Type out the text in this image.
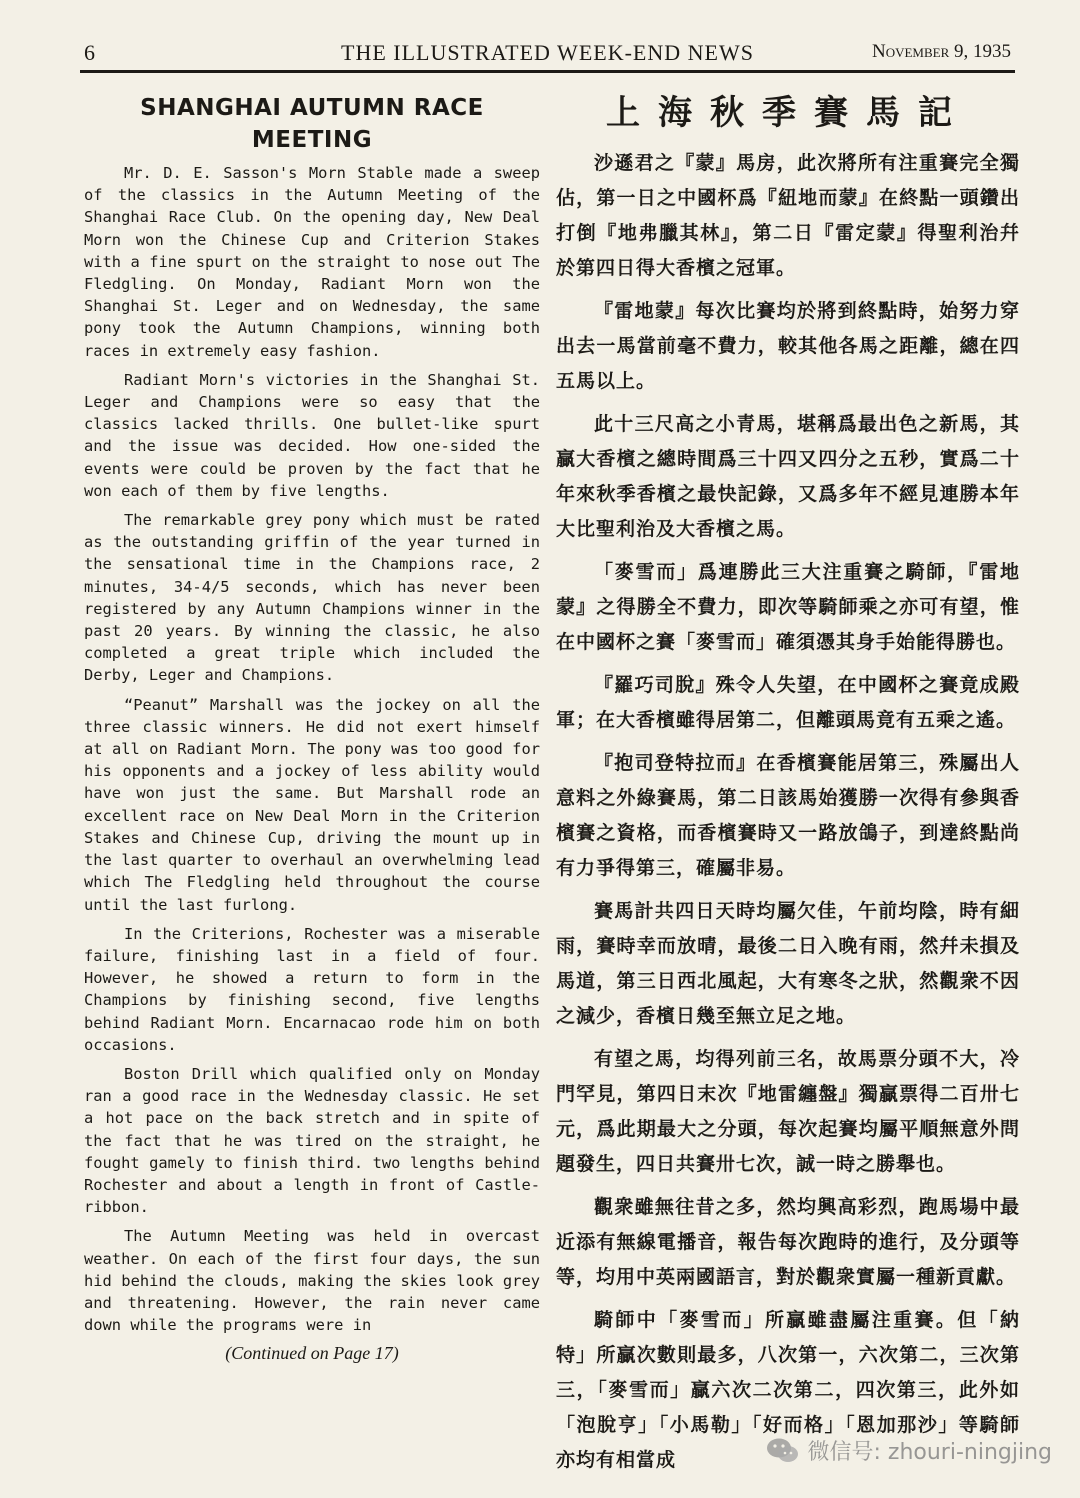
6	THE ILLUSTRATED WEEK-END NEWS	November 9, 1935
SHANGHAI AUTUMN RACE
MEETING

Mr. D. E. Sasson's Morn Stable made a sweep of the classics in the Autumn Meeting of the Shanghai Race Club. On the opening day, New Deal Morn won the Chinese Cup and Criterion Stakes with a fine spurt on the straight to nose out The Fledgling. On Monday, Radiant Morn won the Shanghai St. Leger and on Wednesday, the same pony took the Autumn Champions, winning both races in extremely easy fashion.

Radiant Morn's victories in the Shanghai St. Leger and Champions were so easy that the classics lacked thrills. One bullet-like spurt and the issue was decided. How one-sided the events were could be proven by the fact that he won each of them by five lengths.

The remarkable grey pony which must be rated as the outstanding griffin of the year turned in the sensational time in the Champions race, 2 minutes, 34-4/5 seconds, which has never been registered by any Autumn Champions winner in the past 20 years. By winning the classic, he also completed a great triple which included the Derby, Leger and Champions.

“Peanut” Marshall was the jockey on all the three classic winners. He did not exert himself at all on Radiant Morn. The pony was too good for his opponents and a jockey of less ability would have won just the same. But Marshall rode an excellent race on New Deal Morn in the Criterion Stakes and Chinese Cup, driving the mount up in the last quarter to overhaul an overwhelming lead which The Fledgling held throughout the course until the last furlong.

In the Criterions, Rochester was a miserable failure, finishing last in a field of four. However, he showed a return to form in the Champions by finishing second, five lengths behind Radiant Morn. Encarnacao rode him on both occasions.

Boston Drill which qualified only on Monday ran a good race in the Wednesday classic. He set a hot pace on the back stretch and in spite of the fact that he was tired on the straight, he fought gamely to finish third. two lengths behind Rochester and about a length in front of Castle-ribbon.

The Autumn Meeting was held in overcast weather. On each of the first four days, the sun hid behind the clouds, making the skies look grey and threatening. However, the rain never came down while the programs were in

(Continued on Page 17)
上海秋季賽馬記

沙遜君之『蒙』馬房，此次將所有注重賽完全獨佔，第一日之中國杯爲『紐地而蒙』在終點一頭鑽出打倒『地弗臘其林』，第二日『雷定蒙』得聖利治幷於第四日得大香檳之冠軍。

『雷地蒙』每次比賽均於將到終點時，始努力穿出去一馬當前毫不費力，較其他各馬之距離，總在四五馬以上。

此十三尺高之小青馬，堪稱爲最出色之新馬，其贏大香檳之總時間爲三十四又四分之五秒，實爲二十年來秋季香檳之最快記錄，又爲多年不經見連勝本年大比聖利治及大香檳之馬。

「麥雪而」爲連勝此三大注重賽之騎師，『雷地蒙』之得勝全不費力，即次等騎師乘之亦可有望，惟在中國杯之賽「麥雪而」確須憑其身手始能得勝也。

『羅巧司脫』殊令人失望，在中國杯之賽竟成殿軍；在大香檳雖得居第二，但離頭馬竟有五乘之遙。

『抱司登特拉而』在香檳賽能居第三，殊屬出人意料之外綠賽馬，第二日該馬始獲勝一次得有參與香檳賽之資格，而香檳賽時又一路放鴿子，到達終點尚有力爭得第三，確屬非易。

賽馬計共四日天時均屬欠佳，午前均陰，時有細雨，賽時幸而放晴，最後二日入晚有雨，然幷未損及馬道，第三日西北風起，大有寒冬之狀，然觀衆不因之減少，香檳日幾至無立足之地。

有望之馬，均得列前三名，故馬票分頭不大，冷門罕見，第四日末次『地雷纏盤』獨贏票得二百卅七元，爲此期最大之分頭，每次起賽均屬平順無意外問題發生，四日共賽卅七次，誠一時之勝舉也。

觀衆雖無往昔之多，然均興高彩烈，跑馬場中最近添有無線電播音，報告每次跑時的進行，及分頭等等，均用中英兩國語言，對於觀衆實屬一種新貢獻。

騎師中「麥雪而」所贏雖盡屬注重賽。但「納特」所贏次數則最多，八次第一，六次第二，三次第三，「麥雪而」贏六次二次第二，四次第三，此外如「泡脫亨」「小馬勒」「好而格」「恩加那沙」等騎師亦均有相當成	微信号: zhouri-ningjing
